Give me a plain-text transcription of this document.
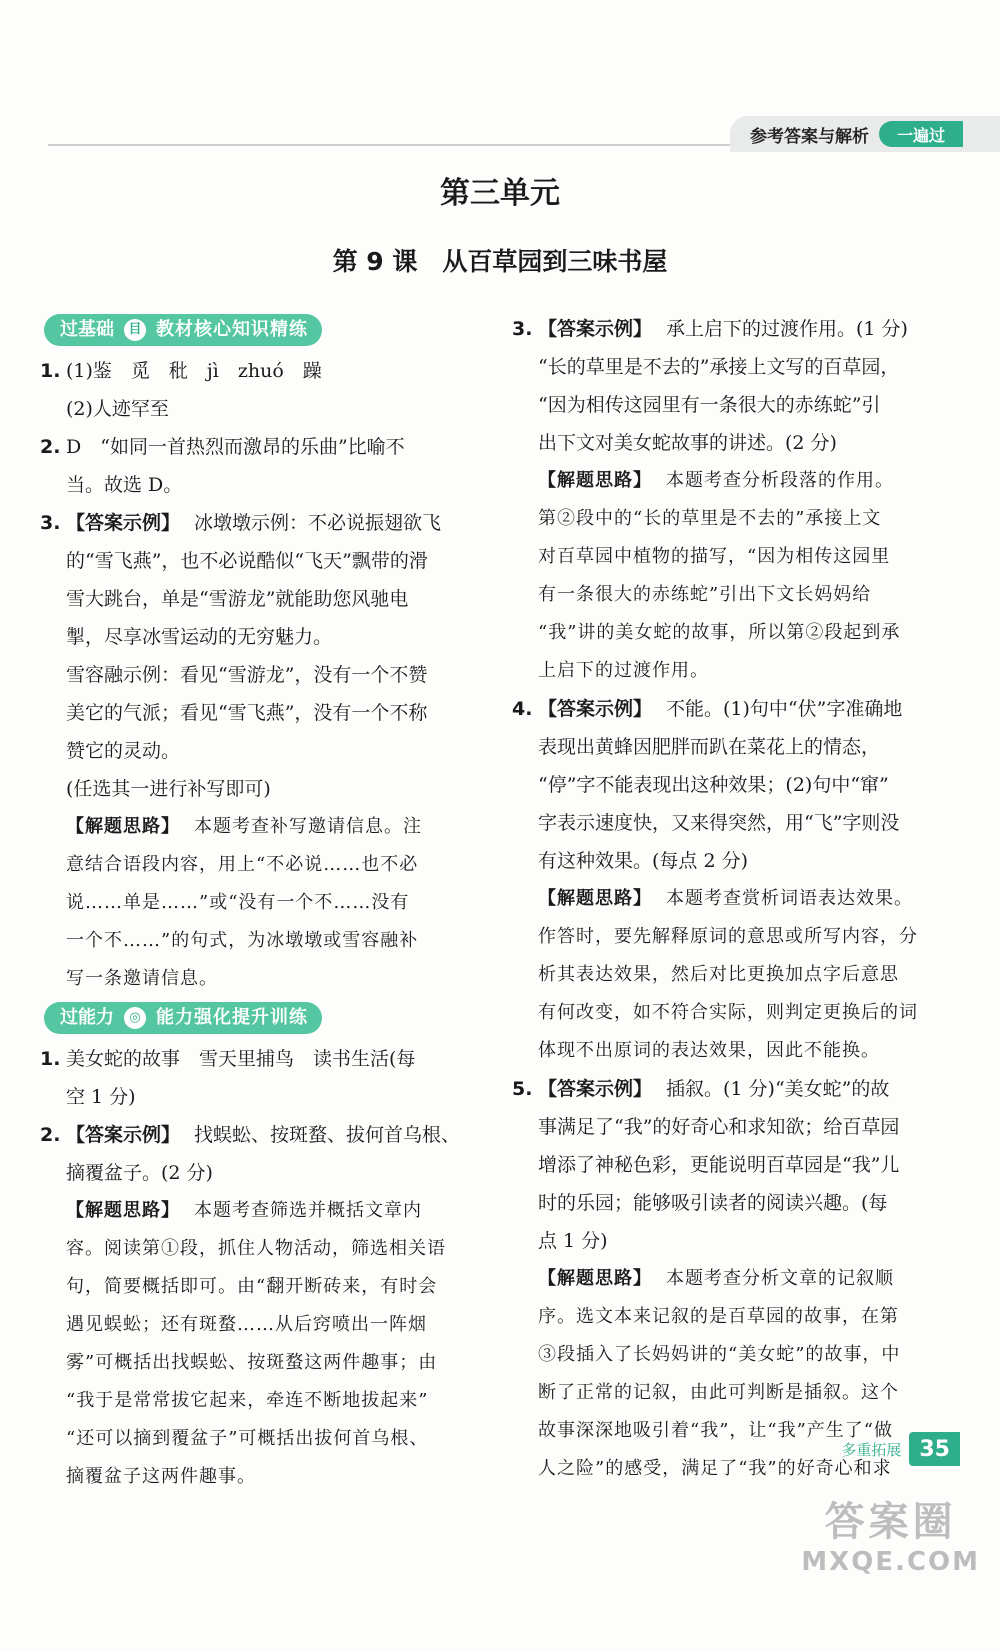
参考答案与解析	一遍过
第三单元
第 9 课　从百草园到三味书屋
过基础	目 教材核心知识精练
1. (1)鉴　觅　秕　jì　zhuó　躁
(2)人迹罕至
2. D　“如同一首热烈而激昂的乐曲”比喻不
当。故选 D。
3. 【答案示例】 冰墩墩示例：不必说振翅欲飞
的“雪飞燕”，也不必说酷似“飞天”飘带的滑
雪大跳台，单是“雪游龙”就能助您风驰电
掣，尽享冰雪运动的无穷魅力。
雪容融示例：看见“雪游龙”，没有一个不赞
美它的气派；看见“雪飞燕”，没有一个不称
赞它的灵动。
(任选其一进行补写即可)
【解题思路】 本题考查补写邀请信息。注
意结合语段内容，用上“不必说……也不必
说……单是……”或“没有一个不……没有
一个不……”的句式，为冰墩墩或雪容融补
写一条邀请信息。
过能力	◎ 能力强化提升训练
1. 美女蛇的故事　雪天里捕鸟　读书生活(每
空 1 分)
2. 【答案示例】 找蜈蚣、按斑蝥、拔何首乌根、
摘覆盆子。(2 分)
【解题思路】 本题考查筛选并概括文章内
容。阅读第①段，抓住人物活动，筛选相关语
句，简要概括即可。由“翻开断砖来，有时会
遇见蜈蚣；还有斑蝥……从后窍喷出一阵烟
雾”可概括出找蜈蚣、按斑蝥这两件趣事；由
“我于是常常拔它起来，牵连不断地拔起来”
“还可以摘到覆盆子”可概括出拔何首乌根、
摘覆盆子这两件趣事。
3. 【答案示例】 承上启下的过渡作用。(1 分)
“长的草里是不去的”承接上文写的百草园，
“因为相传这园里有一条很大的赤练蛇”引
出下文对美女蛇故事的讲述。(2 分)
【解题思路】 本题考查分析段落的作用。
第②段中的“长的草里是不去的”承接上文
对百草园中植物的描写，“因为相传这园里
有一条很大的赤练蛇”引出下文长妈妈给
“我”讲的美女蛇的故事，所以第②段起到承
上启下的过渡作用。
4. 【答案示例】 不能。(1)句中“伏”字准确地
表现出黄蜂因肥胖而趴在菜花上的情态，
“停”字不能表现出这种效果；(2)句中“窜”
字表示速度快，又来得突然，用“飞”字则没
有这种效果。(每点 2 分)
【解题思路】 本题考查赏析词语表达效果。
作答时，要先解释原词的意思或所写内容，分
析其表达效果，然后对比更换加点字后意思
有何改变，如不符合实际，则判定更换后的词
体现不出原词的表达效果，因此不能换。
5. 【答案示例】 插叙。(1 分)“美女蛇”的故
事满足了“我”的好奇心和求知欲；给百草园
增添了神秘色彩，更能说明百草园是“我”儿
时的乐园；能够吸引读者的阅读兴趣。(每
点 1 分)
【解题思路】 本题考查分析文章的记叙顺
序。选文本来记叙的是百草园的故事，在第
③段插入了长妈妈讲的“美女蛇”的故事，中
断了正常的记叙，由此可判断是插叙。这个
故事深深地吸引着“我”，让“我”产生了“做
人之险”的感受，满足了“我”的好奇心和求
多重拓展 35
答案圈
MXQE.COM
